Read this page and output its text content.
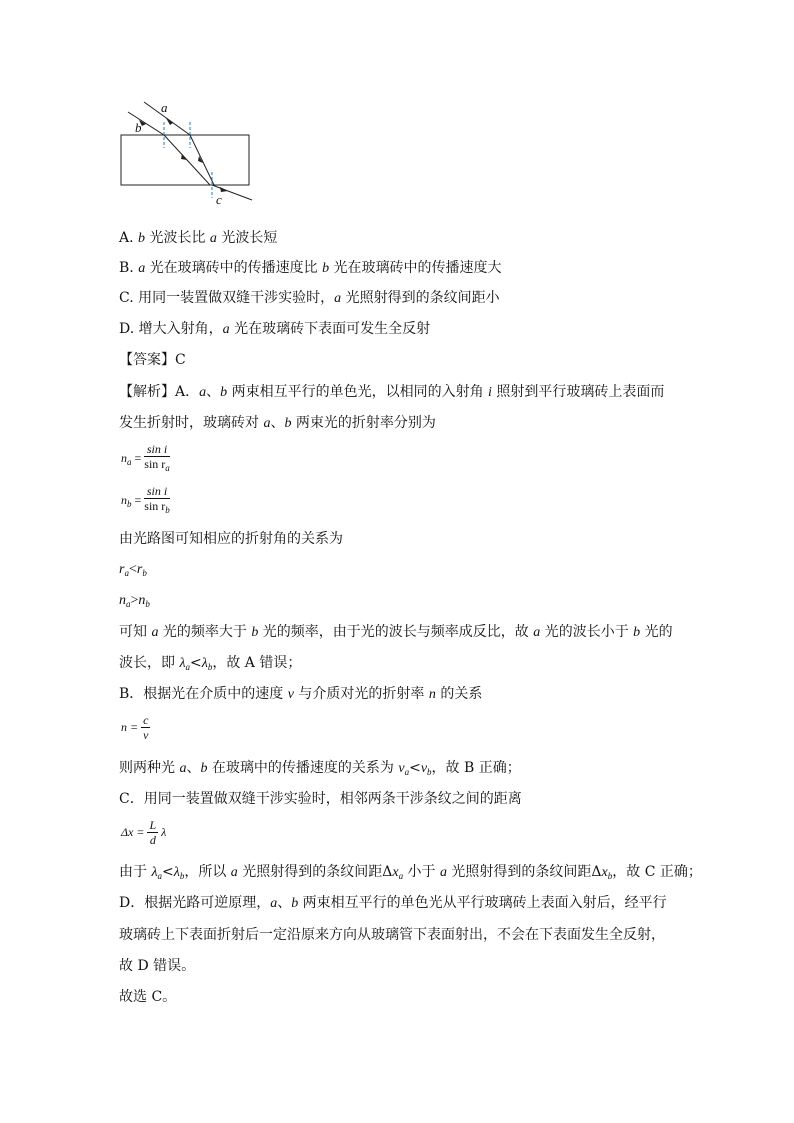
a
b
c
A. b 光波长比 a 光波长短
B. a 光在玻璃砖中的传播速度比 b 光在玻璃砖中的传播速度大
C. 用同一装置做双缝干涉实验时，a 光照射得到的条纹间距小
D. 增大入射角，a 光在玻璃砖下表面可发生全反射
【答案】C
【解析】A．a、b 两束相互平行的单色光，以相同的入射角 i 照射到平行玻璃砖上表面而
发生折射时，玻璃砖对 a、b 两束光的折射率分别为
$n_a = \frac{\text{sin i}}{\sin r_a}$
$n_b = \frac{\text{sin i}}{\sin r_b}$
由光路图可知相应的折射角的关系为
$r_a<r_b$
$n_a>n_b$
可知 a 光的频率大于 b 光的频率，由于光的波长与频率成反比，故 a 光的波长小于 b 光的
波长，即 $\lambda_a<\lambda_b$，故 A 错误；
B．根据光在介质中的速度 v 与介质对光的折射率 n 的关系
$n = \frac{c}{v}$
则两种光 a、b 在玻璃中的传播速度的关系为 $v_a<v_b$，故 B 正确；
C．用同一装置做双缝干涉实验时，相邻两条干涉条纹之间的距离
$\Delta x = \frac{L}{d}$ λ
由于 $\lambda_a<\lambda_b$，所以 a 光照射得到的条纹间距$\Delta x_a$ 小于 a 光照射得到的条纹间距$\Delta x_b$，故 C 正确；
D．根据光路可逆原理，a、b 两束相互平行的单色光从平行玻璃砖上表面入射后，经平行
玻璃砖上下表面折射后一定沿原来方向从玻璃管下表面射出，不会在下表面发生全反射，
故 D 错误。
故选 C。
